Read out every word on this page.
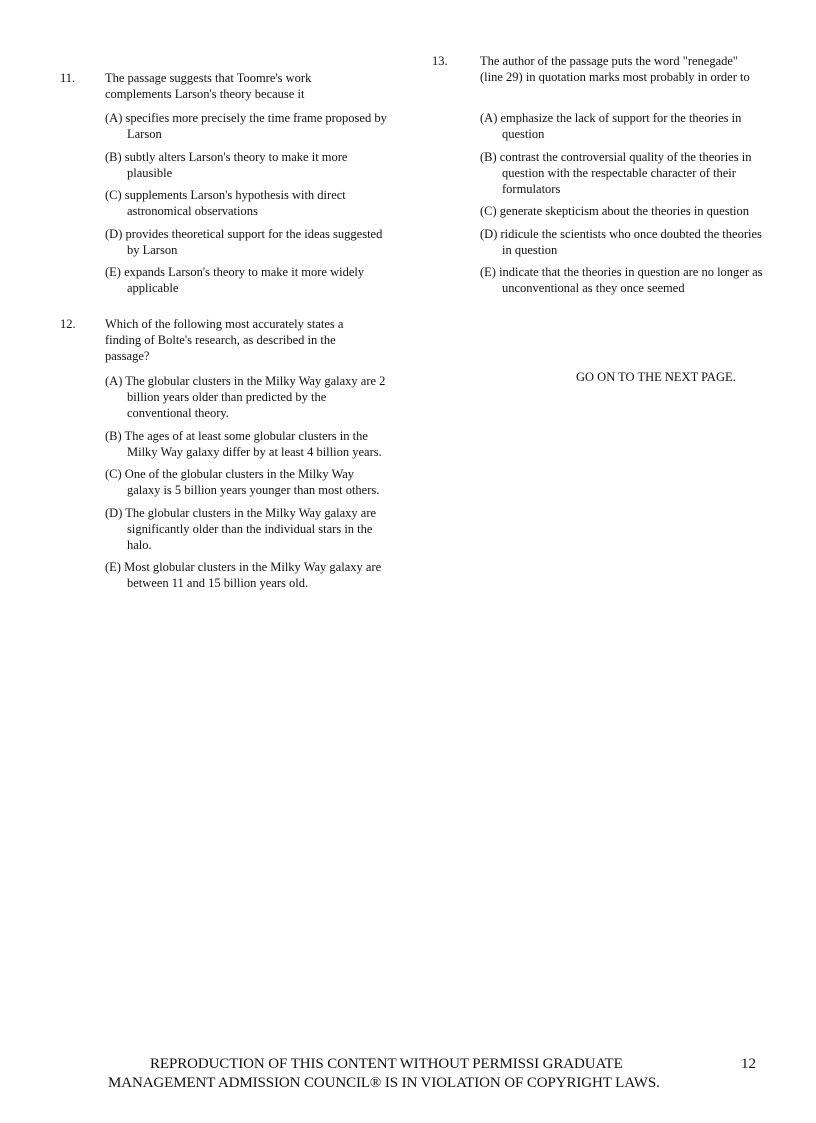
11. The passage suggests that Toomre's work complements Larson's theory because it
(A) specifies more precisely the time frame proposed by Larson
(B) subtly alters Larson's theory to make it more plausible
(C) supplements Larson's hypothesis with direct astronomical observations
(D) provides theoretical support for the ideas suggested by Larson
(E) expands Larson's theory to make it more widely applicable
12. Which of the following most accurately states a finding of Bolte's research, as described in the passage?
(A) The globular clusters in the Milky Way galaxy are 2 billion years older than predicted by the conventional theory.
(B) The ages of at least some globular clusters in the Milky Way galaxy differ by at least 4 billion years.
(C) One of the globular clusters in the Milky Way galaxy is 5 billion years younger than most others.
(D) The globular clusters in the Milky Way galaxy are significantly older than the individual stars in the halo.
(E) Most globular clusters in the Milky Way galaxy are between 11 and 15 billion years old.
13.	The author of the passage puts the word "renegade" (line 29) in quotation marks most probably in order to
(A) emphasize the lack of support for the theories in question
(B) contrast the controversial quality of the theories in question with the respectable character of their formulators
(C) generate skepticism about the theories in question
(D) ridicule the scientists who once doubted the theories in question
(E) indicate that the theories in question are no longer as unconventional as they once seemed
GO ON TO THE NEXT PAGE.
REPRODUCTION OF THIS CONTENT WITHOUT PERMISSI GRADUATE
MANAGEMENT ADMISSION COUNCIL® IS IN VIOLATION OF COPYRIGHT LAWS.
12
